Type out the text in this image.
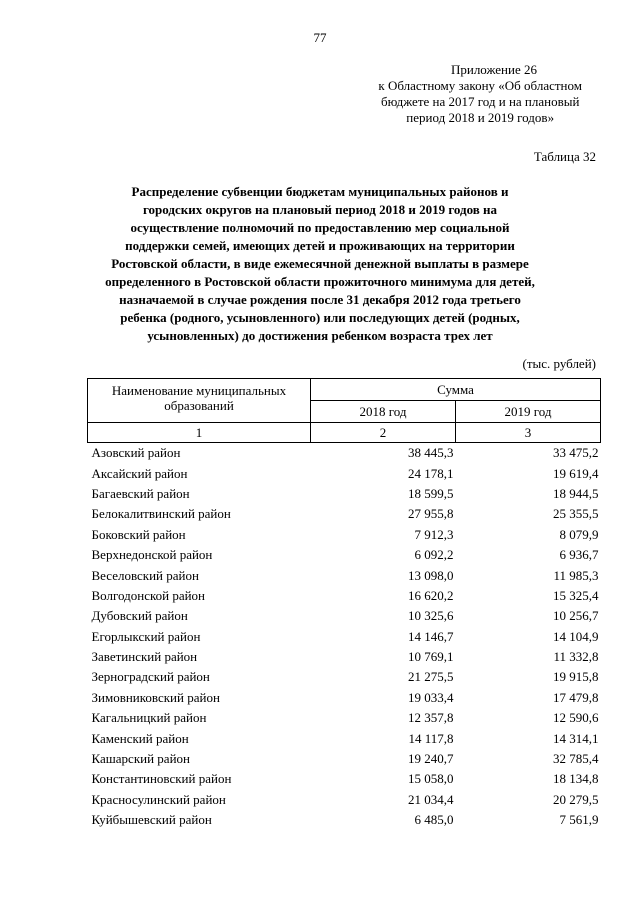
77
Приложение 26
к Областному закону «Об областном
бюджете на 2017 год и на плановый
период 2018 и 2019 годов»
Таблица 32
Распределение субвенции бюджетам муниципальных районов и
городских округов на плановый период 2018 и 2019 годов на
осуществление полномочий по предоставлению мер социальной
поддержки семей, имеющих детей и проживающих на территории
Ростовской области, в виде ежемесячной денежной выплаты в размере
определенного в Ростовской области прожиточного минимума для детей,
назначаемой в случае рождения после 31 декабря 2012 года третьего
ребенка (родного, усыновленного) или последующих детей (родных,
усыновленных) до достижения ребенком возраста трех лет
(тыс. рублей)
Наименование муниципальных образований	Сумма	
	2018 год	2019 год
1	2	3
Азовский район	38 445,3	33 475,2
Аксайский район	24 178,1	19 619,4
Багаевский район	18 599,5	18 944,5
Белокалитвинский район	27 955,8	25 355,5
Боковский район	7 912,3	8 079,9
Верхнедонской район	6 092,2	6 936,7
Веселовский район	13 098,0	11 985,3
Волгодонской район	16 620,2	15 325,4
Дубовский район	10 325,6	10 256,7
Егорлыкский район	14 146,7	14 104,9
Заветинский район	10 769,1	11 332,8
Зерноградский район	21 275,5	19 915,8
Зимовниковский район	19 033,4	17 479,8
Кагальницкий район	12 357,8	12 590,6
Каменский район	14 117,8	14 314,1
Кашарский район	19 240,7	32 785,4
Константиновский район	15 058,0	18 134,8
Красносулинский район	21 034,4	20 279,5
Куйбышевский район	6 485,0	7 561,9
